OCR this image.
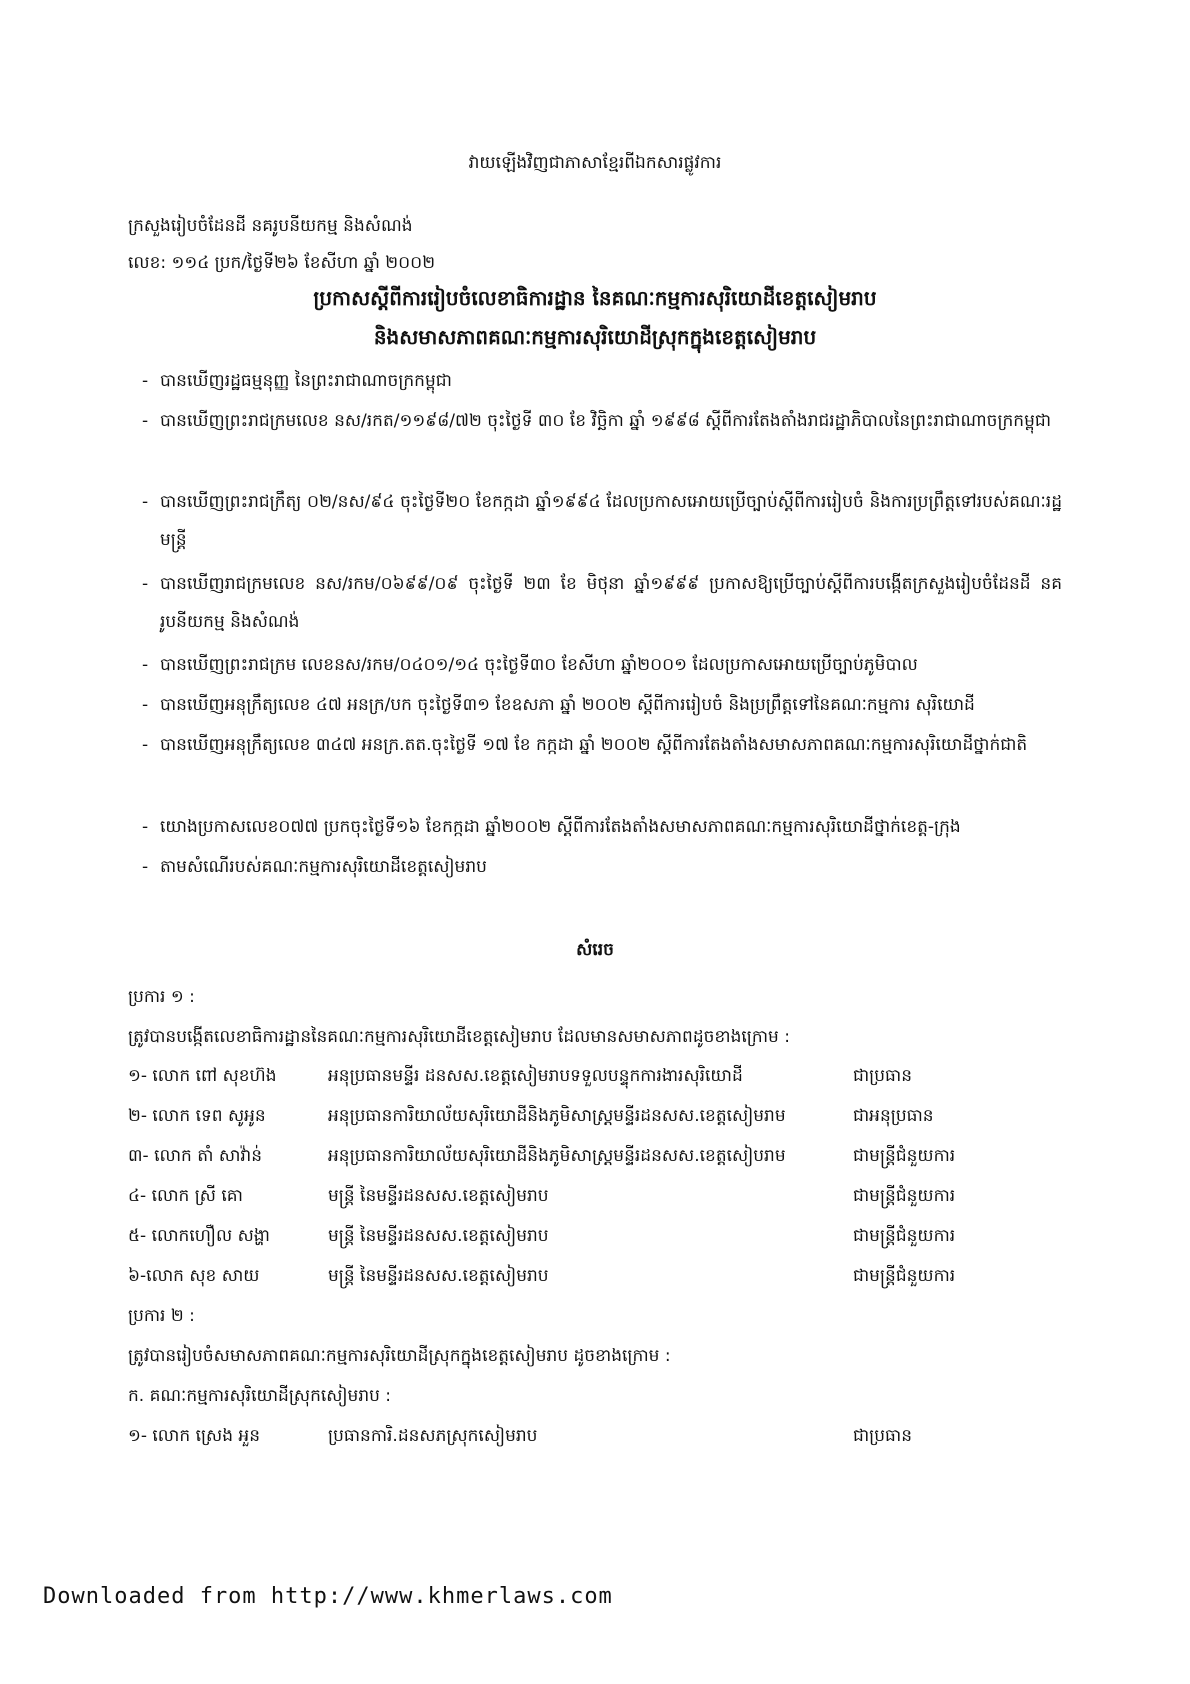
វាយឡើងវិញជាភាសាខ្មែរពីឯកសារផ្លូវការ
ក្រសួងរៀបចំដែនដី នគរូបនីយកម្ម និងសំណង់
លេខ: ១១៤ ប្រក/ថ្ងៃទី២៦ ខែសីហា ឆ្នាំ ២០០២
ប្រកាសស្តីពីការរៀបចំលេខាធិការដ្ឋាន នៃគណៈកម្មការសុរិយោដីខេត្តសៀមរាប
និងសមាសភាពគណៈកម្មការសុរិយោដីស្រុកក្នុងខេត្តសៀមរាប
- បានឃើញរដ្ឋធម្មនុញ្ញ នៃព្រះរាជាណាចក្រកម្ពុជា
- បានឃើញព្រះរាជក្រមលេខ នស/រកត/១១៩៨/៧២ ចុះថ្ងៃទី ៣០ ខែ វិច្ឆិកា ឆ្នាំ ១៩៩៨ ស្តីពីការតែងតាំងរាជរដ្ឋាភិបាលនៃព្រះរាជាណាចក្រកម្ពុជា
- បានឃើញព្រះរាជក្រឹត្យ ០២/នស/៩៤ ចុះថ្ងៃទី២០ ខែកក្កដា ឆ្នាំ១៩៩៤ ដែលប្រកាសអោយប្រើច្បាប់ស្តីពីការរៀបចំ និងការប្រព្រឹត្តទៅរបស់គណៈរដ្ឋមន្ត្រី
- បានឃើញរាជក្រមលេខ នស/រកម/០៦៩៩/០៩ ចុះថ្ងៃទី ២៣ ខែ មិថុនា ឆ្នាំ១៩៩៩ ប្រកាសឱ្យប្រើច្បាប់ស្តីពីការបង្កើតក្រសួងរៀបចំដែនដី នគរូបនីយកម្ម និងសំណង់
- បានឃើញព្រះរាជក្រម លេខនស/រកម/០៤០១/១៤ ចុះថ្ងៃទី៣០ ខែសីហា ឆ្នាំ២០០១ ដែលប្រកាសអោយប្រើច្បាប់ភូមិបាល
- បានឃើញអនុក្រឹត្យលេខ ៤៧ អនក្រ/បក ចុះថ្ងៃទី៣១ ខែឧសភា ឆ្នាំ ២០០២ ស្តីពីការរៀបចំ និងប្រព្រឹត្តទៅនៃគណៈកម្មការ សុរិយោដី
- បានឃើញអនុក្រឹត្យលេខ ៣៤៧ អនក្រ.តត.ចុះថ្ងៃទី ១៧ ខែ កក្កដា ឆ្នាំ ២០០២ ស្តីពីការតែងតាំងសមាសភាពគណៈកម្មការសុរិយោដីថ្នាក់ជាតិ
- យោងប្រកាសលេខ០៧៧ ប្រកចុះថ្ងៃទី១៦ ខែកក្កដា ឆ្នាំ២០០២ ស្តីពីការតែងតាំងសមាសភាពគណៈកម្មការសុរិយោដីថ្នាក់ខេត្ត-ក្រុង
- តាមសំណើរបស់គណៈកម្មការសុរិយោដីខេត្តសៀមរាប
សំរេច
ប្រការ ១ :
ត្រូវបានបង្កើតលេខាធិការដ្ឋាននៃគណៈកម្មការសុរិយោដីខេត្តសៀមរាប ដែលមានសមាសភាពដូចខាងក្រោម :
១- លោក ពៅ សុខហ៊ង	អនុប្រធានមន្ទីរ ដនសស.ខេត្តសៀមរាបទទួលបន្ទុកការងារសុរិយោដី	ជាប្រធាន
២- លោក ទេព សូអូន	អនុប្រធានការិយាល័យសុរិយោដីនិងភូមិសាស្ត្រមន្ទីរដនសស.ខេត្តសៀមរាម	ជាអនុប្រធាន
៣- លោក តាំ សាវ៉ាន់	អនុប្រធានការិយាល័យសុរិយោដីនិងភូមិសាស្ត្រមន្ទីរដនសស.ខេត្តសៀបរាម	ជាមន្ត្រីជំនួយការ
៤- លោក ស្រី គោ	មន្ត្រី នៃមន្ទីរដនសស.ខេត្តសៀមរាប	ជាមន្ត្រីជំនួយការ
៥- លោកហឿល សង្ហា	មន្ត្រី នៃមន្ទីរដនសស.ខេត្តសៀមរាប	ជាមន្ត្រីជំនួយការ
៦-លោក សុខ សាយ	មន្ត្រី នៃមន្ទីរដនសស.ខេត្តសៀមរាប	ជាមន្ត្រីជំនួយការ
ប្រការ ២ :
ត្រូវបានរៀបចំសមាសភាពគណៈកម្មការសុរិយោដីស្រុកក្នុងខេត្តសៀមរាប ដូចខាងក្រោម :
ក. គណៈកម្មការសុរិយោដីស្រុកសៀមរាប :
១- លោក ស្រេង អួន	ប្រធានការិ.ដនសភស្រុកសៀមរាប	ជាប្រធាន
Downloaded from http://www.khmerlaws.com
